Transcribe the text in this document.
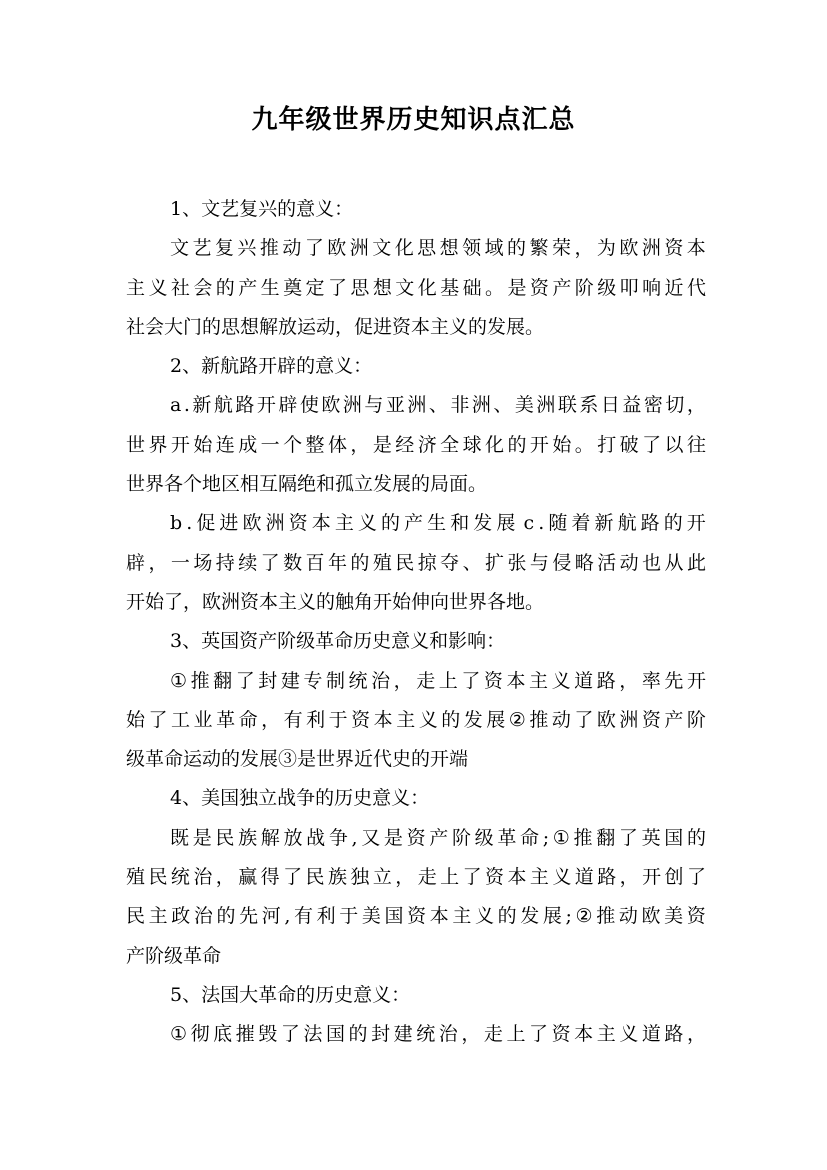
九年级世界历史知识点汇总
1、文艺复兴的意义：
文 艺 复 兴 推 动 了 欧 洲 文 化 思 想 领 域 的 繁 荣 ， 为 欧 洲 资 本
主 义 社 会 的 产 生 奠 定 了 思 想 文 化 基 础 。 是 资 产 阶 级 叩 响 近 代
社会大门的思想解放运动，促进资本主义的发展。
2、新航路开辟的意义：
a . 新 航 路 开 辟 使 欧 洲 与 亚 洲 、 非 洲 、 美 洲 联 系 日 益 密 切 ，
世 界 开 始 连 成 一 个 整 体 ， 是 经 济 全 球 化 的 开 始 。 打 破 了 以 往
世界各个地区相互隔绝和孤立发展的局面。
b . 促 进 欧 洲 资 本 主 义 的 产 生 和 发 展 c . 随 着 新 航 路 的 开
辟 ， 一 场 持 续 了 数 百 年 的 殖 民 掠 夺 、 扩 张 与 侵 略 活 动 也 从 此
开始了，欧洲资本主义的触角开始伸向世界各地。
3、英国资产阶级革命历史意义和影响：
① 推 翻 了 封 建 专 制 统 治 ， 走 上 了 资 本 主 义 道 路 ， 率 先 开
始 了 工 业 革 命 ， 有 利 于 资 本 主 义 的 发 展 ② 推 动 了 欧 洲 资 产 阶
级革命运动的发展③是世界近代史的开端
4、美国独立战争的历史意义：
既 是 民 族 解 放 战 争 , 又 是 资 产 阶 级 革 命 ; ① 推 翻 了 英 国 的
殖 民 统 治 ， 赢 得 了 民 族 独 立 ， 走 上 了 资 本 主 义 道 路 ， 开 创 了
民 主 政 治 的 先 河 , 有 利 于 美 国 资 本 主 义 的 发 展 ; ② 推 动 欧 美 资
产阶级革命
5、法国大革命的历史意义：
① 彻 底 摧 毁 了 法 国 的 封 建 统 治 ， 走 上 了 资 本 主 义 道 路 ，
